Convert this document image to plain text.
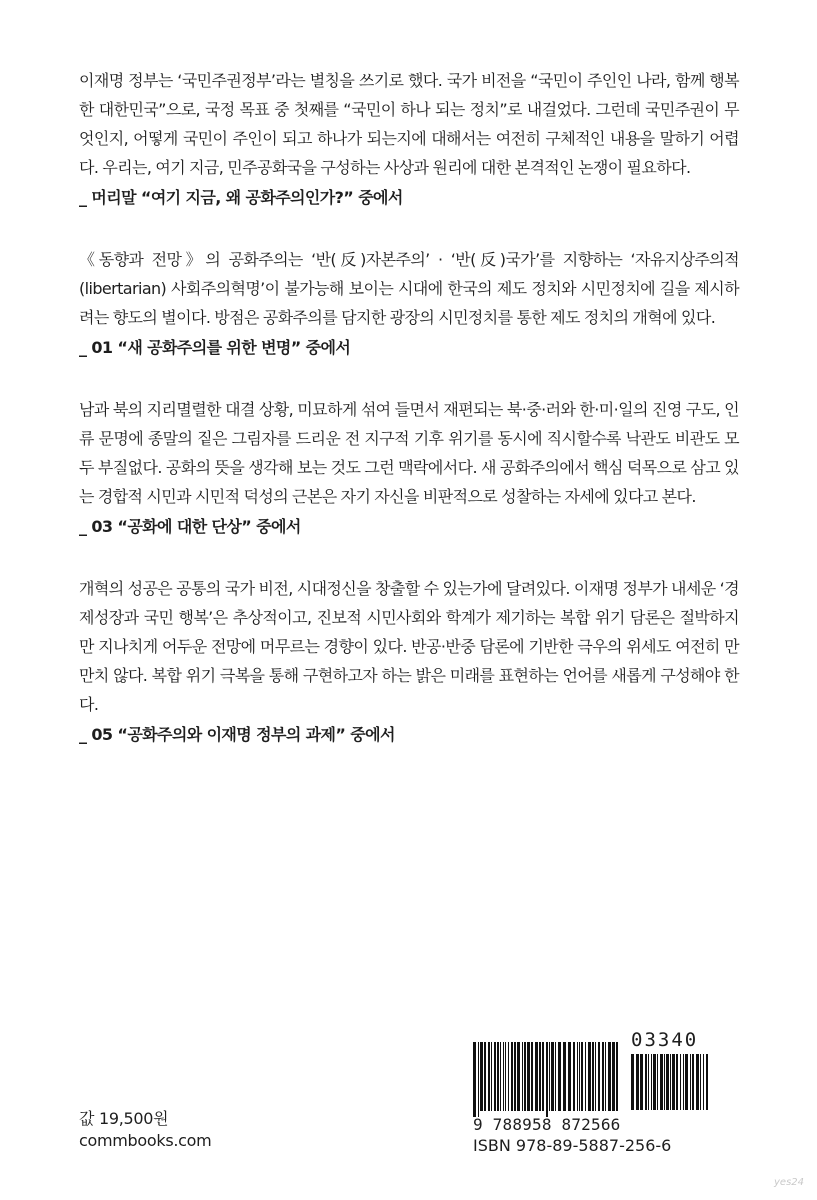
이재명 정부는 ‘국민주권정부’라는 별칭을 쓰기로 했다. 국가 비전을 “국민이 주인인 나라, 함께 행복한 대한민국”으로, 국정 목표 중 첫째를 “국민이 하나 되는 정치”로 내걸었다. 그런데 국민주권이 무엇인지, 어떻게 국민이 주인이 되고 하나가 되는지에 대해서는 여전히 구체적인 내용을 말하기 어렵다. 우리는, 여기 지금, 민주공화국을 구성하는 사상과 원리에 대한 본격적인 논쟁이 필요하다.

_ 머리말 “여기 지금, 왜 공화주의인가?” 중에서

《동향과 전망》의 공화주의는 ‘반(反)자본주의’ · ‘반(反)국가’를 지향하는 ‘자유지상주의적(libertarian) 사회주의혁명’이 불가능해 보이는 시대에 한국의 제도 정치와 시민정치에 길을 제시하려는 향도의 별이다. 방점은 공화주의를 담지한 광장의 시민정치를 통한 제도 정치의 개혁에 있다.

_ 01 “새 공화주의를 위한 변명” 중에서

남과 북의 지리멸렬한 대결 상황, 미묘하게 섞여 들면서 재편되는 북·중·러와 한·미·일의 진영 구도, 인류 문명에 종말의 짙은 그림자를 드리운 전 지구적 기후 위기를 동시에 직시할수록 낙관도 비관도 모두 부질없다. 공화의 뜻을 생각해 보는 것도 그런 맥락에서다. 새 공화주의에서 핵심 덕목으로 삼고 있는 경합적 시민과 시민적 덕성의 근본은 자기 자신을 비판적으로 성찰하는 자세에 있다고 본다.

_ 03 “공화에 대한 단상” 중에서

개혁의 성공은 공통의 국가 비전, 시대정신을 창출할 수 있는가에 달려있다. 이재명 정부가 내세운 ‘경제성장과 국민 행복’은 추상적이고, 진보적 시민사회와 학계가 제기하는 복합 위기 담론은 절박하지만 지나치게 어두운 전망에 머무르는 경향이 있다. 반공·반중 담론에 기반한 극우의 위세도 여전히 만만치 않다. 복합 위기 극복을 통해 구현하고자 하는 밝은 미래를 표현하는 언어를 새롭게 구성해야 한다.

_ 05 “공화주의와 이재명 정부의 과제” 중에서

값 19,500원
commbooks.com
03340
9 788958 872566
ISBN 978-89-5887-256-6
yes24
